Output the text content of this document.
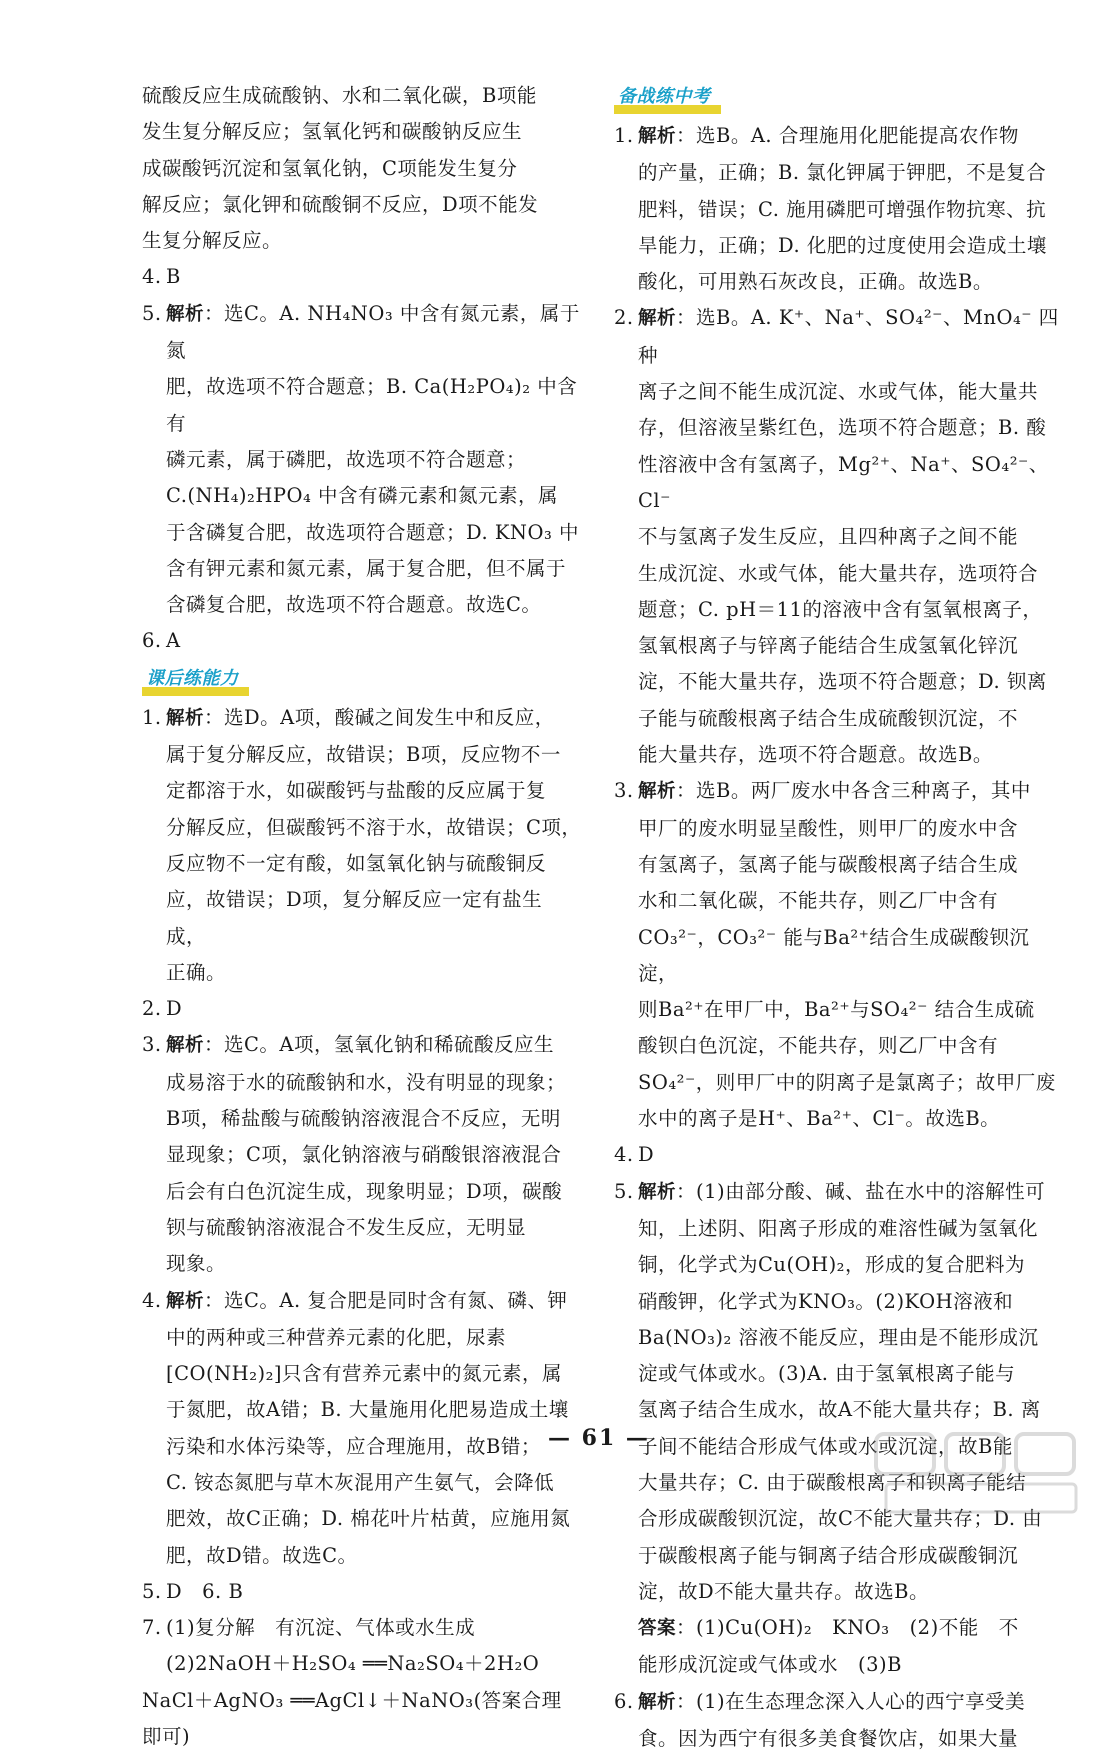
硫酸反应生成硫酸钠、水和二氧化碳，B项能

发生复分解反应；氢氧化钙和碳酸钠反应生

成碳酸钙沉淀和氢氧化钠，C项能发生复分

解反应；氯化钾和硫酸铜不反应，D项不能发

生复分解反应。

4. B
5. 解析：选C。A. NH₄NO₃ 中含有氮元素，属于氮
肥，故选项不符合题意；B. Ca(H₂PO₄)₂ 中含有
磷元素，属于磷肥，故选项不符合题意；
C.(NH₄)₂HPO₄ 中含有磷元素和氮元素，属
于含磷复合肥，故选项符合题意；D. KNO₃ 中
含有钾元素和氮元素，属于复合肥，但不属于
含磷复合肥，故选项不符合题意。故选C。
6. A
课后练能力
1. 解析：选D。A项，酸碱之间发生中和反应，
属于复分解反应，故错误；B项，反应物不一
定都溶于水，如碳酸钙与盐酸的反应属于复
分解反应，但碳酸钙不溶于水，故错误；C项，
反应物不一定有酸，如氢氧化钠与硫酸铜反
应，故错误；D项，复分解反应一定有盐生成，
正确。
2. D
3. 解析：选C。A项，氢氧化钠和稀硫酸反应生
成易溶于水的硫酸钠和水，没有明显的现象；
B项，稀盐酸与硫酸钠溶液混合不反应，无明
显现象；C项，氯化钠溶液与硝酸银溶液混合
后会有白色沉淀生成，现象明显；D项，碳酸
钡与硫酸钠溶液混合不发生反应，无明显
现象。
4. 解析：选C。A. 复合肥是同时含有氮、磷、钾
中的两种或三种营养元素的化肥，尿素
[CO(NH₂)₂]只含有营养元素中的氮元素，属
于氮肥，故A错；B. 大量施用化肥易造成土壤
污染和水体污染等，应合理施用，故B错；
C. 铵态氮肥与草木灰混用产生氨气，会降低
肥效，故C正确；D. 棉花叶片枯黄，应施用氮
肥，故D错。故选C。
5. D　6. B
7. (1)复分解　有沉淀、气体或水生成
(2)2NaOH＋H₂SO₄ ══Na₂SO₄＋2H₂O
NaCl＋AgNO₃ ══AgCl↓＋NaNO₃(答案合理
即可)
备战练中考
1. 解析：选B。A. 合理施用化肥能提高农作物
的产量，正确；B. 氯化钾属于钾肥，不是复合
肥料，错误；C. 施用磷肥可增强作物抗寒、抗
旱能力，正确；D. 化肥的过度使用会造成土壤
酸化，可用熟石灰改良，正确。故选B。
2. 解析：选B。A. K⁺、Na⁺、SO₄²⁻、MnO₄⁻ 四种
离子之间不能生成沉淀、水或气体，能大量共
存，但溶液呈紫红色，选项不符合题意；B. 酸
性溶液中含有氢离子，Mg²⁺、Na⁺、SO₄²⁻、Cl⁻
不与氢离子发生反应，且四种离子之间不能
生成沉淀、水或气体，能大量共存，选项符合
题意；C. pH＝11的溶液中含有氢氧根离子，
氢氧根离子与锌离子能结合生成氢氧化锌沉
淀，不能大量共存，选项不符合题意；D. 钡离
子能与硫酸根离子结合生成硫酸钡沉淀，不
能大量共存，选项不符合题意。故选B。
3. 解析：选B。两厂废水中各含三种离子，其中
甲厂的废水明显呈酸性，则甲厂的废水中含
有氢离子，氢离子能与碳酸根离子结合生成
水和二氧化碳，不能共存，则乙厂中含有
CO₃²⁻，CO₃²⁻ 能与Ba²⁺结合生成碳酸钡沉淀，
则Ba²⁺在甲厂中，Ba²⁺与SO₄²⁻ 结合生成硫
酸钡白色沉淀，不能共存，则乙厂中含有
SO₄²⁻，则甲厂中的阴离子是氯离子；故甲厂废
水中的离子是H⁺、Ba²⁺、Cl⁻。故选B。
4. D
5. 解析：(1)由部分酸、碱、盐在水中的溶解性可
知，上述阴、阳离子形成的难溶性碱为氢氧化
铜，化学式为Cu(OH)₂，形成的复合肥料为
硝酸钾，化学式为KNO₃。(2)KOH溶液和
Ba(NO₃)₂ 溶液不能反应，理由是不能形成沉
淀或气体或水。(3)A. 由于氢氧根离子能与
氢离子结合生成水，故A不能大量共存；B. 离
子间不能结合形成气体或水或沉淀，故B能
大量共存；C. 由于碳酸根离子和钡离子能结
合形成碳酸钡沉淀，故C不能大量共存；D. 由
于碳酸根离子能与铜离子结合形成碳酸铜沉
淀，故D不能大量共存。故选B。
答案：(1)Cu(OH)₂　KNO₃　(2)不能　不
能形成沉淀或气体或水　(3)B
6. 解析：(1)在生态理念深入人心的西宁享受美
食。因为西宁有很多美食餐饮店，如果大量
— 61 —
